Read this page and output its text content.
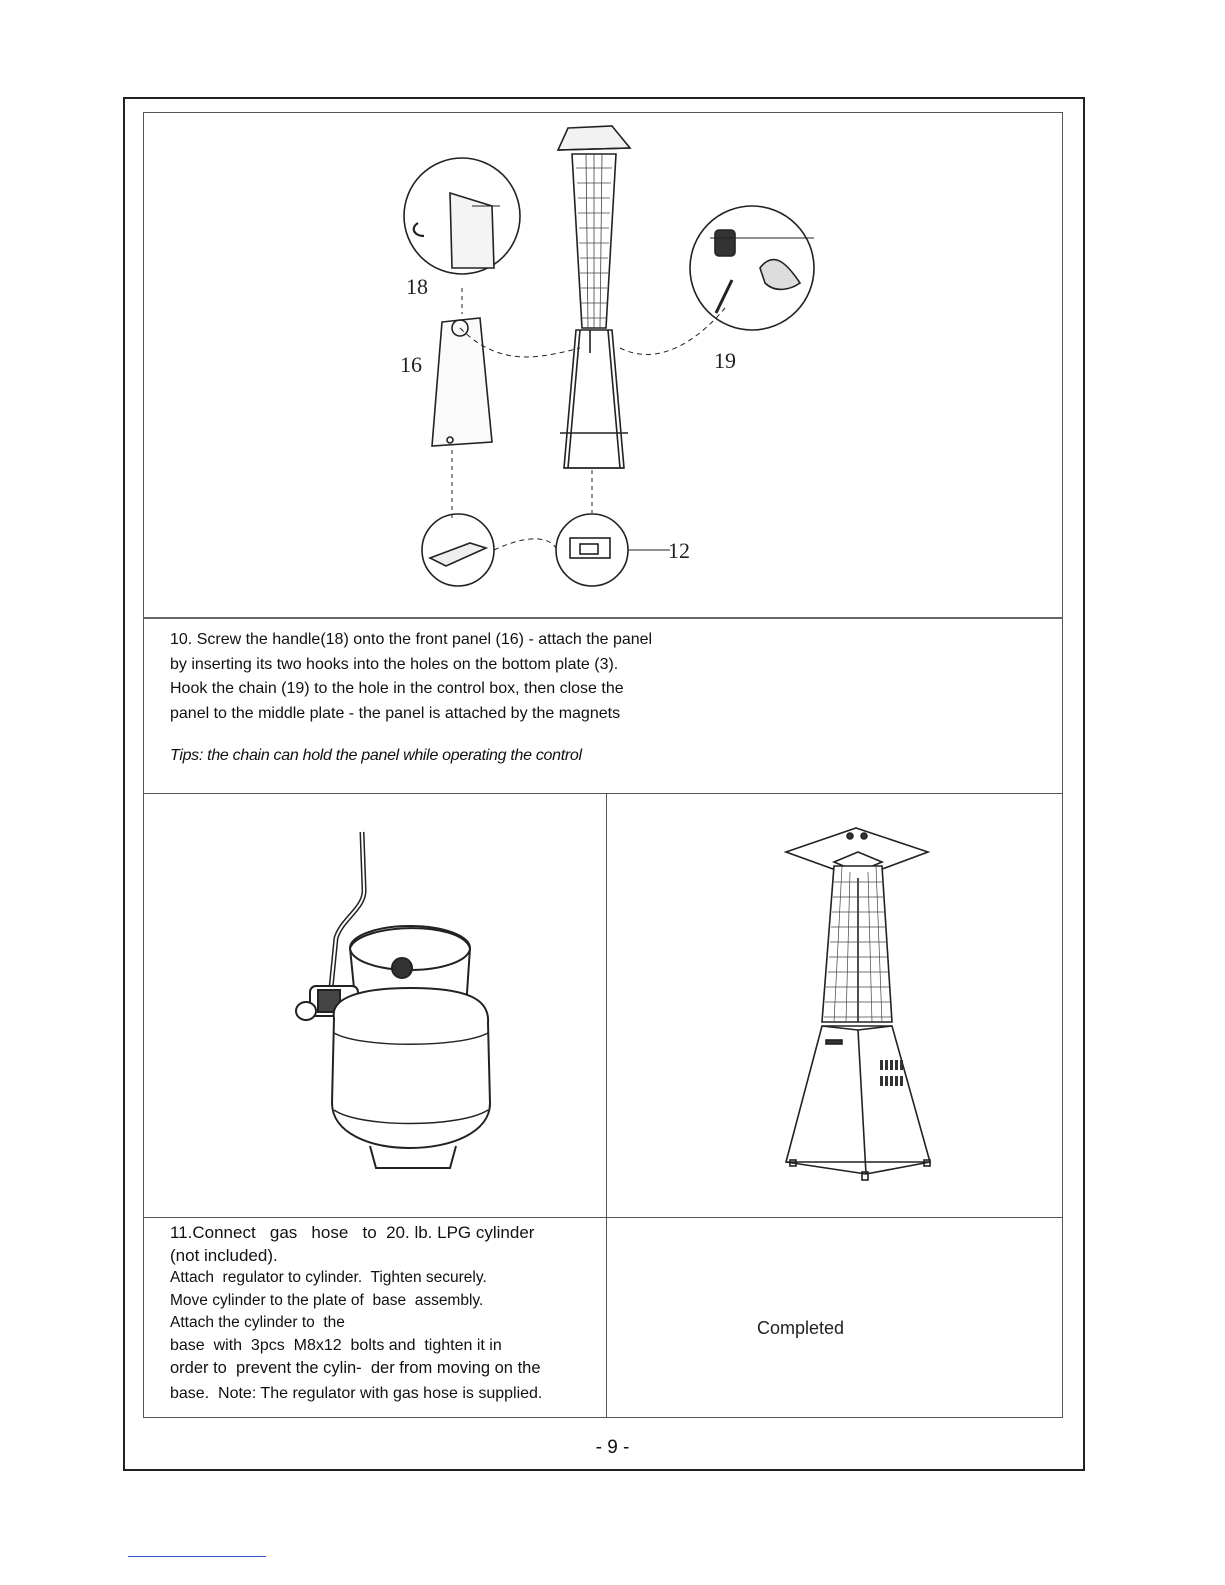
18
16	19
12

10. Screw the handle(18) onto the front panel (16) - attach the panel

by inserting its two hooks into the holes on the bottom plate (3).

Hook the chain (19) to the hole in the control box, then close the

panel to the middle plate - the panel is attached by the magnets

Tips: the chain can hold the panel while operating the control

11.Connect   gas   hose   to  20. lb. LPG cylinder

(not included).

Attach  regulator to cylinder.  Tighten securely.

Move cylinder to the plate of  base  assembly.

Attach the cylinder to  the

base  with  3pcs  M8x12  bolts and  tighten it in

order to  prevent the cylin-  der from moving on the

base.  Note: The regulator with gas hose is supplied.

Completed
- 9 -
